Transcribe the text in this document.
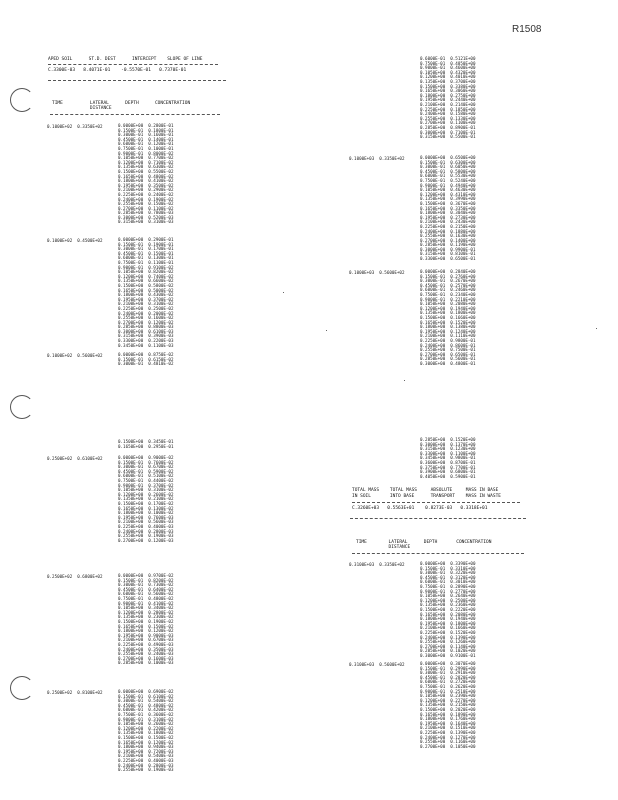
R1508
APED SOIL      ST.D. DEST      INTERCEPT    SLOPE OF LINE
C.3300E-03   8.4071E-01    -0.5570E-01   0.7370E-01
TIME          LATERAL      DEPTH      CONCENTRATION
DISTANCE
0.1000E+02  0.3350E+02	0.0000E+00  0.2800E-01
0.1500E-01  0.1800E-01
0.3000E-01  0.1600E-01
0.4500E-01  0.1400E-01
0.6000E-01  0.1200E-01
0.7500E-01  0.1000E-01
0.9000E-01  0.8000E-02
0.1050E+00  0.7700E-02
0.1200E+00  0.7100E-02
0.1350E+00  0.6300E-02
0.1500E+00  0.5500E-02
0.1650E+00  0.4800E-02
0.1800E+00  0.4100E-02
0.1950E+00  0.3500E-02
0.2100E+00  0.2900E-02
0.2250E+00  0.2400E-02
0.2400E+00  0.1900E-02
0.2550E+00  0.1500E-02
0.2700E+00  0.1100E-02
0.2850E+00  0.7800E-03
0.3000E+00  0.5200E-03
0.3150E+00  0.3100E-03
0.1000E+02  0.4500E+02	0.0000E+00  0.2900E-01
0.1500E-01  0.1900E-01
0.3000E-01  0.1700E-01
0.4500E-01  0.1500E-01
0.6000E-01  0.1300E-01
0.7500E-01  0.1100E-01
0.9000E-01  0.9100E-02
0.1050E+00  0.8200E-02
0.1200E+00  0.7400E-02
0.1350E+00  0.6600E-02
0.1500E+00  0.5800E-02
0.1650E+00  0.5000E-02
0.1800E+00  0.4300E-02
0.1950E+00  0.3700E-02
0.2100E+00  0.3100E-02
0.2250E+00  0.2500E-02
0.2400E+00  0.2000E-02
0.2550E+00  0.1600E-02
0.2700E+00  0.1200E-02
0.2850E+00  0.8800E-03
0.3000E+00  0.6100E-03
0.3150E+00  0.3900E-03
0.3300E+00  0.2200E-03
0.3450E+00  0.1100E-03
0.1000E+02  0.5600E+02	0.0000E+00  0.8750E-02
0.1500E-01  0.6150E-02
0.3000E-01  0.4810E-02
0.1500E+00  0.3450E-01
0.1650E+00  0.2950E-01
0.2500E+02  0.6100E+02	0.0000E+00  0.9000E-02
0.1500E-01  0.7600E-02
0.3000E-01  0.6700E-02
0.4500E-01  0.5900E-02
0.6000E-01  0.5100E-02
0.7500E-01  0.4400E-02
0.9000E-01  0.3700E-02
0.1050E+00  0.3100E-02
0.1200E+00  0.2600E-02
0.1350E+00  0.2100E-02
0.1500E+00  0.1700E-02
0.1650E+00  0.1300E-02
0.1800E+00  0.1000E-02
0.1950E+00  0.7600E-03
0.2100E+00  0.5600E-03
0.2250E+00  0.4000E-03
0.2400E+00  0.2800E-03
0.2550E+00  0.1900E-03
0.2700E+00  0.1200E-03
0.2500E+02  0.6800E+02	0.0000E+00  0.9700E-02
0.1500E-01  0.8200E-02
0.3000E-01  0.7300E-02
0.4500E-01  0.6400E-02
0.6000E-01  0.5600E-02
0.7500E-01  0.4800E-02
0.9000E-01  0.4100E-02
0.1050E+00  0.3400E-02
0.1200E+00  0.2800E-02
0.1350E+00  0.2300E-02
0.1500E+00  0.1900E-02
0.1650E+00  0.1500E-02
0.1800E+00  0.1200E-02
0.1950E+00  0.9000E-03
0.2100E+00  0.6700E-03
0.2250E+00  0.4900E-03
0.2400E+00  0.3500E-03
0.2550E+00  0.2400E-03
0.2700E+00  0.1600E-03
0.2850E+00  0.1000E-03
0.2500E+02  0.8100E+02	0.0000E+00  0.6900E-02
0.1500E-01  0.6100E-02
0.3000E-01  0.5400E-02
0.4500E-01  0.4800E-02
0.6000E-01  0.4200E-02
0.7500E-01  0.3600E-02
0.9000E-01  0.3100E-02
0.1050E+00  0.2600E-02
0.1200E+00  0.2200E-02
0.1350E+00  0.1800E-02
0.1500E+00  0.1500E-02
0.1650E+00  0.1200E-02
0.1800E+00  0.9400E-03
0.1950E+00  0.7200E-03
0.2100E+00  0.5400E-03
0.2250E+00  0.4000E-03
0.2400E+00  0.2800E-03
0.2550E+00  0.1900E-03
0.6000E-01  0.5121E+00
0.7500E-01  0.4850E+00
0.9000E-01  0.4600E+00
0.1050E+00  0.4320E+00
0.1200E+00  0.4010E+00
0.1350E+00  0.3700E+00
0.1500E+00  0.3380E+00
0.1650E+00  0.3060E+00
0.1800E+00  0.2750E+00
0.1950E+00  0.2440E+00
0.2100E+00  0.2140E+00
0.2250E+00  0.1850E+00
0.2400E+00  0.1580E+00
0.2550E+00  0.1330E+00
0.2700E+00  0.1100E+00
0.2850E+00  0.8900E-01
0.3000E+00  0.7100E-01
0.3150E+00  0.5500E-01
0.1000E+03  0.3350E+02	0.0000E+00  0.6500E+00
0.1500E-01  0.6300E+00
0.3000E-01  0.6050E+00
0.4500E-01  0.5800E+00
0.6000E-01  0.5530E+00
0.7500E-01  0.5240E+00
0.9000E-01  0.4940E+00
0.1050E+00  0.4630E+00
0.1200E+00  0.4310E+00
0.1350E+00  0.3990E+00
0.1500E+00  0.3670E+00
0.1650E+00  0.3350E+00
0.1800E+00  0.3040E+00
0.1950E+00  0.2730E+00
0.2100E+00  0.2430E+00
0.2250E+00  0.2150E+00
0.2400E+00  0.1880E+00
0.2550E+00  0.1630E+00
0.2700E+00  0.1400E+00
0.2850E+00  0.1190E+00
0.3000E+00  0.9900E-01
0.3150E+00  0.8100E-01
0.3300E+00  0.6500E-01
0.1000E+03  0.5600E+02	0.0000E+00  0.2840E+00
0.1500E-01  0.2760E+00
0.3000E-01  0.2670E+00
0.4500E-01  0.2570E+00
0.6000E-01  0.2460E+00
0.7500E-01  0.2340E+00
0.9000E-01  0.2210E+00
0.1050E+00  0.2080E+00
0.1200E+00  0.1940E+00
0.1350E+00  0.1800E+00
0.1500E+00  0.1660E+00
0.1650E+00  0.1520E+00
0.1800E+00  0.1380E+00
0.1950E+00  0.1240E+00
0.2100E+00  0.1110E+00
0.2250E+00  0.9800E-01
0.2400E+00  0.8600E-01
0.2550E+00  0.7500E-01
0.2700E+00  0.6500E-01
0.2850E+00  0.5600E-01
0.3000E+00  0.4800E-01
0.2850E+00  0.1520E+00
0.3000E+00  0.1370E+00
0.3150E+00  0.1230E+00
0.3300E+00  0.1100E+00
0.3450E+00  0.9800E-01
0.3600E+00  0.8700E-01
0.3750E+00  0.7700E-01
0.3900E+00  0.6800E-01
0.4050E+00  0.5900E-01
TOTAL MASS    TOTAL MASS     ABSOLUTE     MASS IN BASE
IN SOIL       INTO BASE      TRANSPORT    MASS IN WASTE
C.3260E+03   0.5563E+01    0.8273E-03   0.3318E+01
TIME        LATERAL      DEPTH       CONCENTRATION
DISTANCE
0.3100E+03  0.3350E+02	0.0000E+00  0.3390E+00
0.1500E-01  0.3310E+00
0.3000E-01  0.3220E+00
0.4500E-01  0.3120E+00
0.6000E-01  0.3010E+00
0.7500E-01  0.2890E+00
0.9000E-01  0.2770E+00
0.1050E+00  0.2640E+00
0.1200E+00  0.2500E+00
0.1350E+00  0.2360E+00
0.1500E+00  0.2220E+00
0.1650E+00  0.2080E+00
0.1800E+00  0.1940E+00
0.1950E+00  0.1800E+00
0.2100E+00  0.1660E+00
0.2250E+00  0.1520E+00
0.2400E+00  0.1390E+00
0.2550E+00  0.1260E+00
0.2700E+00  0.1140E+00
0.2850E+00  0.1020E+00
0.3000E+00  0.9100E-01
0.3100E+03  0.5600E+02	0.0000E+00  0.3070E+00
0.1500E-01  0.2990E+00
0.3000E-01  0.2910E+00
0.4500E-01  0.2820E+00
0.6000E-01  0.2720E+00
0.7500E-01  0.2620E+00
0.9000E-01  0.2510E+00
0.1050E+00  0.2390E+00
0.1200E+00  0.2270E+00
0.1350E+00  0.2150E+00
0.1500E+00  0.2020E+00
0.1650E+00  0.1890E+00
0.1800E+00  0.1760E+00
0.1950E+00  0.1640E+00
0.2100E+00  0.1510E+00
0.2250E+00  0.1390E+00
0.2400E+00  0.1270E+00
0.2550E+00  0.1160E+00
0.2700E+00  0.1050E+00
